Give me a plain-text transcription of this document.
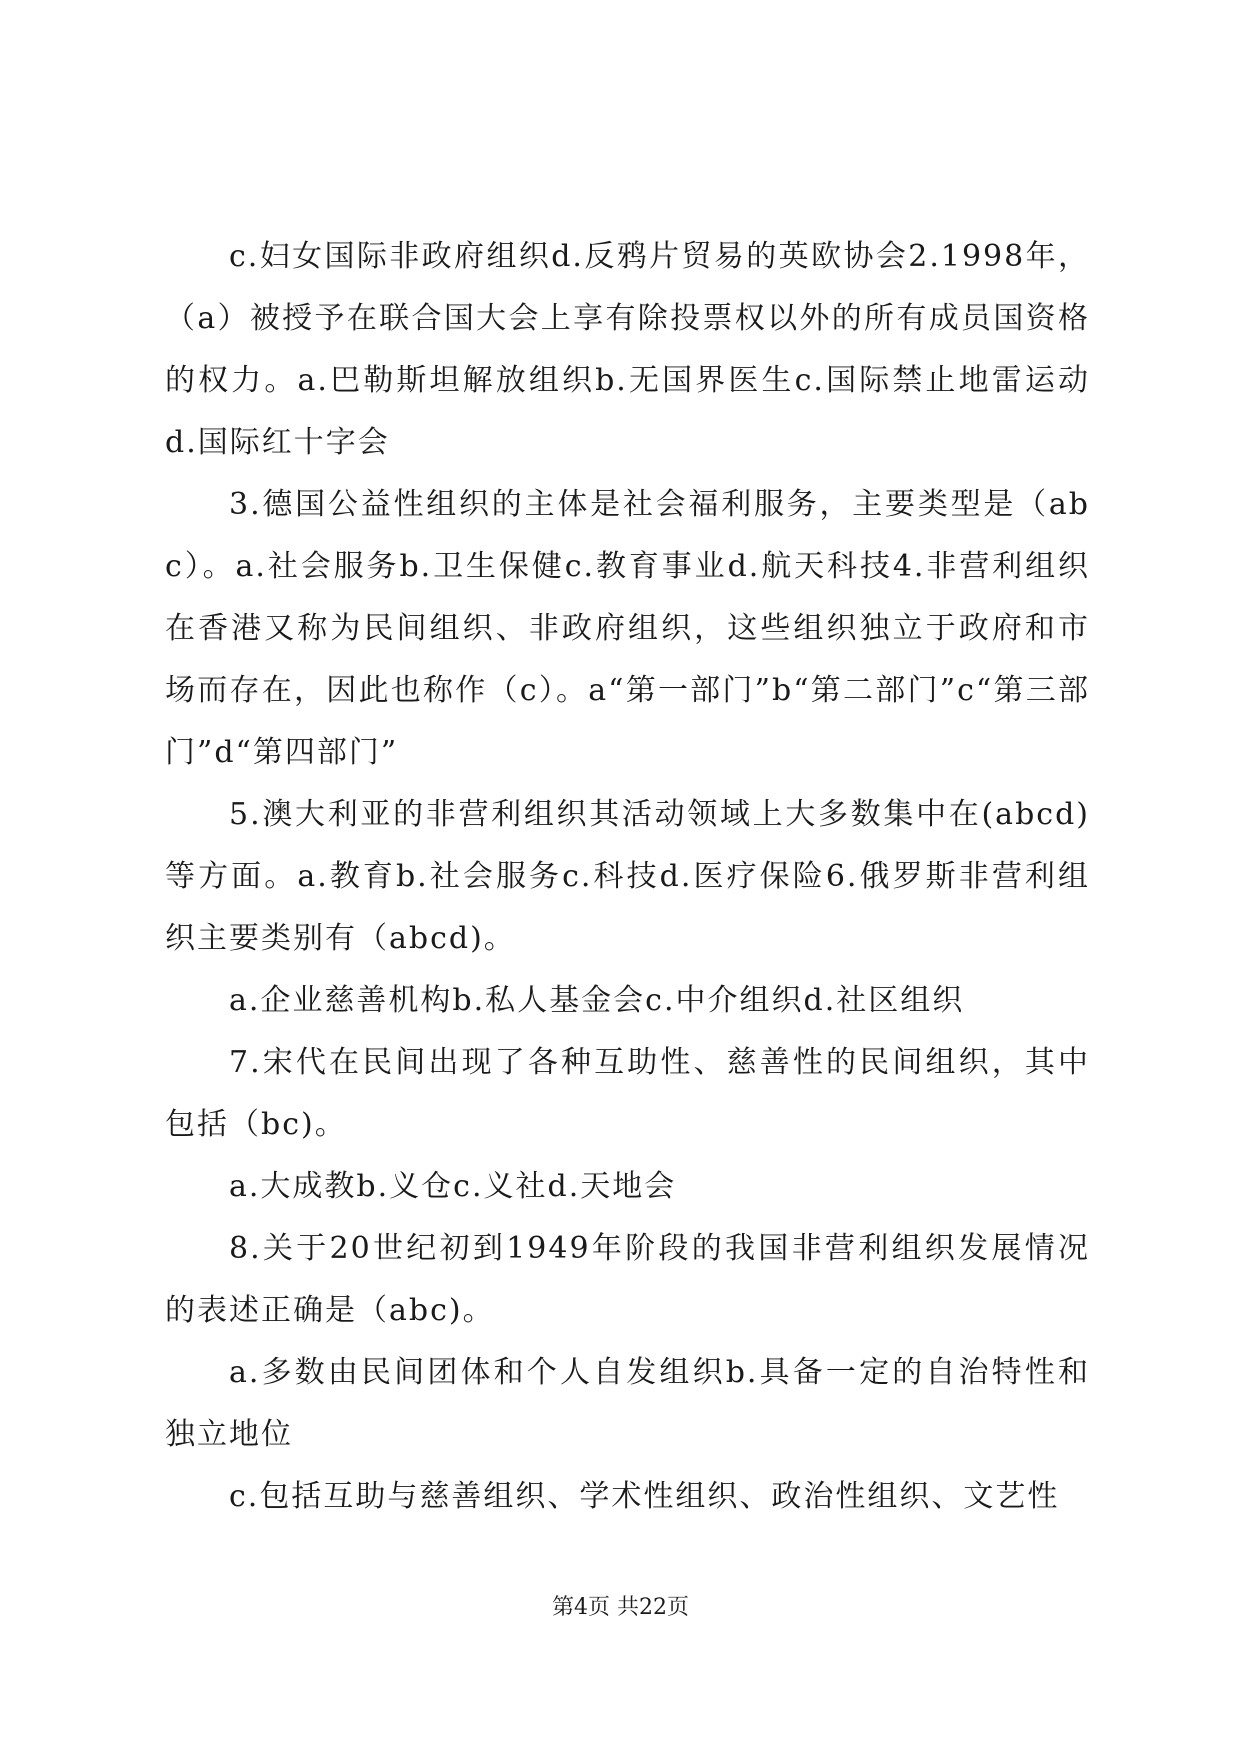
c.妇女国际非政府组织d.反鸦片贸易的英欧协会2.1998年，（a）被授予在联合国大会上享有除投票权以外的所有成员国资格的权力。a.巴勒斯坦解放组织b.无国界医生c.国际禁止地雷运动d.国际红十字会

3.德国公益性组织的主体是社会福利服务，主要类型是（abc）。a.社会服务b.卫生保健c.教育事业d.航天科技4.非营利组织在香港又称为民间组织、非政府组织，这些组织独立于政府和市场而存在，因此也称作（c）。a“第一部门”b“第二部门”c“第三部门”d“第四部门”

5.澳大利亚的非营利组织其活动领域上大多数集中在(abcd)等方面。a.教育b.社会服务c.科技d.医疗保险6.俄罗斯非营利组织主要类别有（abcd)。

a.企业慈善机构b.私人基金会c.中介组织d.社区组织

7.宋代在民间出现了各种互助性、慈善性的民间组织，其中包括（bc)。

a.大成教b.义仓c.义社d.天地会

8.关于20世纪初到1949年阶段的我国非营利组织发展情况的表述正确是（abc)。

a.多数由民间团体和个人自发组织b.具备一定的自治特性和独立地位

c.包括互助与慈善组织、学术性组织、政治性组织、文艺性

第4页 共22页
